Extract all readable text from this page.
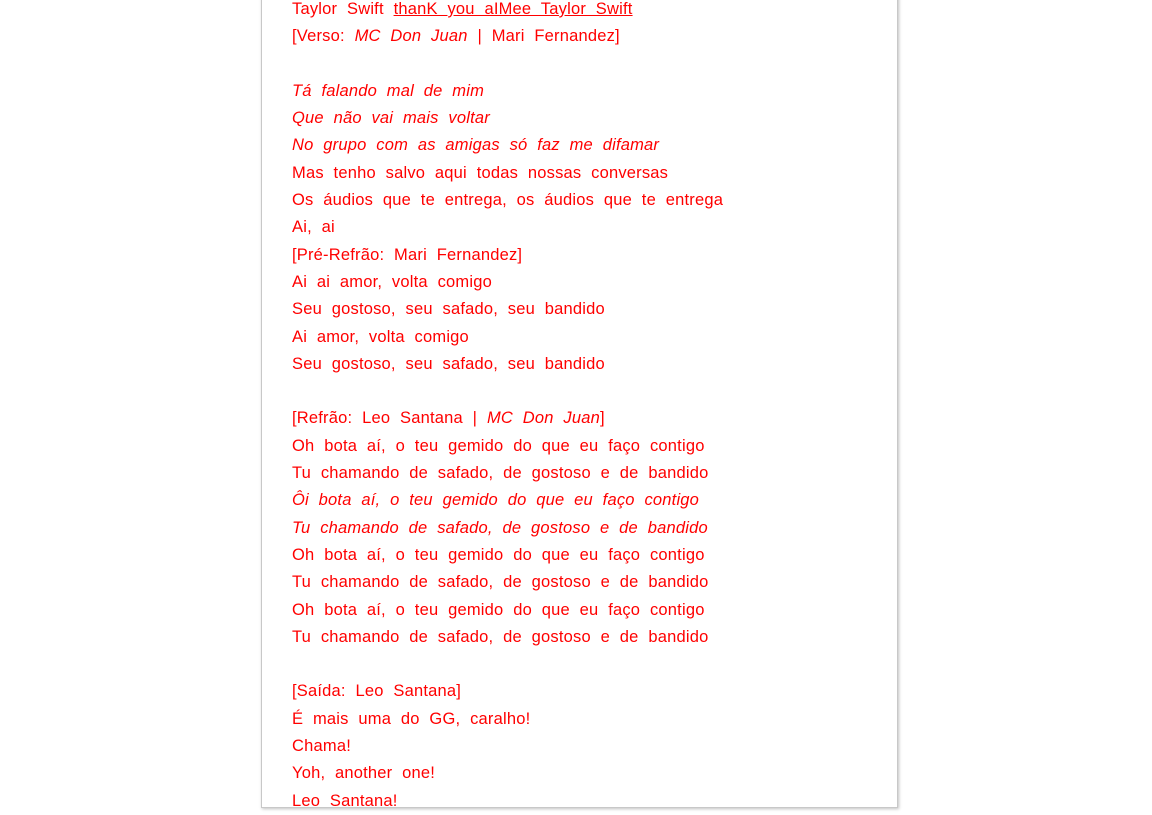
Taylor Swift thanK you aIMee Taylor Swift
[Verso: MC Don Juan | Mari Fernandez]
Tá falando mal de mim
Que não vai mais voltar
No grupo com as amigas só faz me difamar
Mas tenho salvo aqui todas nossas conversas
Os áudios que te entrega, os áudios que te entrega
Ai, ai
[Pré-Refrão: Mari Fernandez]
Ai ai amor, volta comigo
Seu gostoso, seu safado, seu bandido
Ai amor, volta comigo
Seu gostoso, seu safado, seu bandido
[Refrão: Leo Santana | MC Don Juan]
Oh bota aí, o teu gemido do que eu faço contigo
Tu chamando de safado, de gostoso e de bandido
Ôi bota aí, o teu gemido do que eu faço contigo
Tu chamando de safado, de gostoso e de bandido
Oh bota aí, o teu gemido do que eu faço contigo
Tu chamando de safado, de gostoso e de bandido
Oh bota aí, o teu gemido do que eu faço contigo
Tu chamando de safado, de gostoso e de bandido
[Saída: Leo Santana]
É mais uma do GG, caralho!
Chama!
Yoh, another one!
Leo Santana!
